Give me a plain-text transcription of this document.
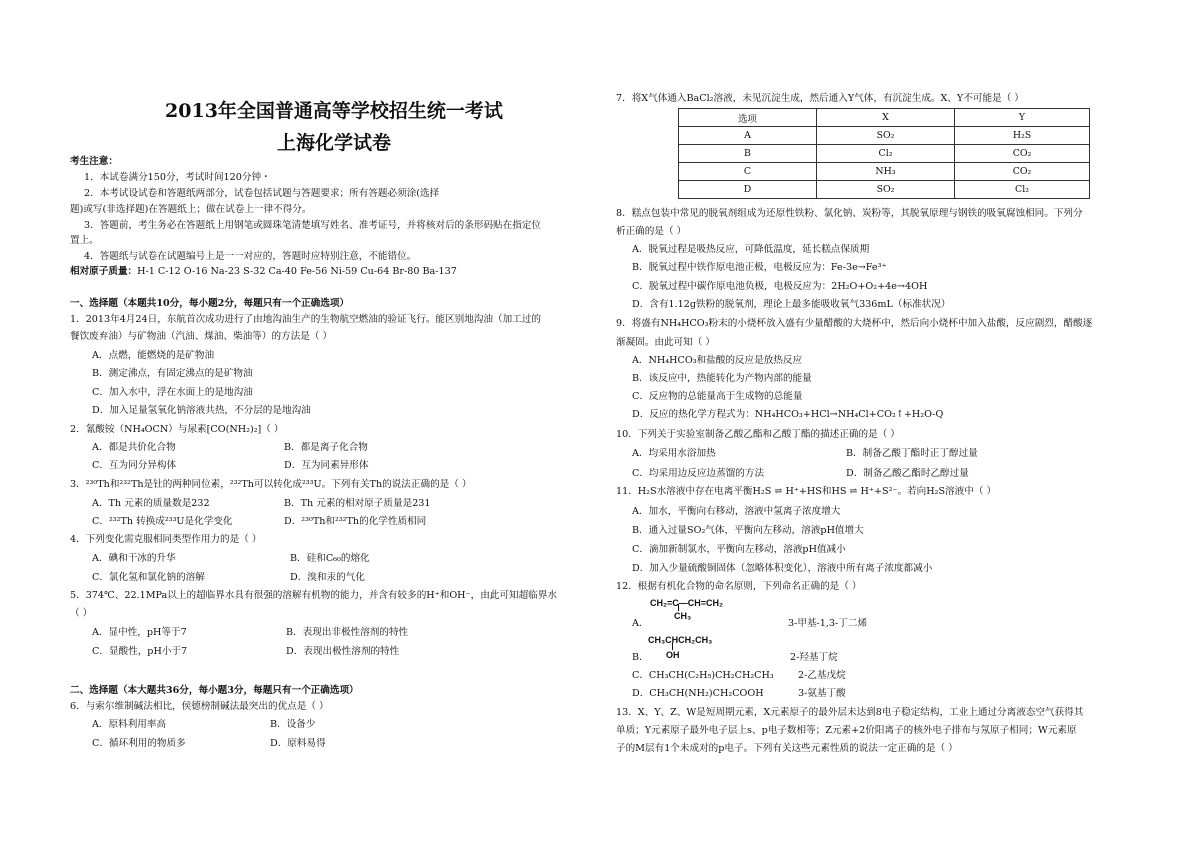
2013年全国普通高等学校招生统一考试
上海化学试卷
考生注意：
1．本试卷满分150分，考试时间120分钟・
2．本考试设试卷和答题纸两部分，试卷包括试题与答题要求；所有答题必须涂(选择
题)或写(非选择题)在答题纸上；做在试卷上一律不得分。
3．答题前，考生务必在答题纸上用钢笔或圆珠笔清楚填写姓名、准考证号，并将核对后的条形码贴在指定位
置上。
4．答题纸与试卷在试题编号上是一一对应的，答题时应特别注意，不能错位。
相对原子质量：H-1 C-12 O-16 Na-23 S-32 Ca-40 Fe-56 Ni-59 Cu-64 Br-80 Ba-137
一、选择题（本题共10分，每小题2分，每题只有一个正确选项）
1．2013年4月24日，东航首次成功进行了由地沟油生产的生物航空燃油的验证飞行。能区别地沟油（加工过的
餐饮废弃油）与矿物油（汽油、煤油、柴油等）的方法是（ ）
A．点燃，能燃烧的是矿物油
B．测定沸点，有固定沸点的是矿物油
C．加入水中，浮在水面上的是地沟油
D．加入足量氢氧化钠溶液共热，不分层的是地沟油
2．氰酸铵（NH₄OCN）与尿素[CO(NH₂)₂]（ ）
A．都是共价化合物	B．都是离子化合物
C．互为同分异构体	D．互为同素异形体
3．²³⁰Th和²³²Th是钍的两种同位素，²³²Th可以转化成²³³U。下列有关Th的说法正确的是（ ）
A．Th 元素的质量数是232	B．Th 元素的相对原子质量是231
C．²³²Th 转换成²³³U是化学变化	D．²³⁰Th和²³²Th的化学性质相同
4．下列变化需克服相同类型作用力的是（ ）
A．碘和干冰的升华	B．硅和C₆₀的熔化
C．氯化氢和氯化钠的溶解	D．溴和汞的气化
5．374℃、22.1MPa以上的超临界水具有很强的溶解有机物的能力，并含有较多的H⁺和OH⁻，由此可知超临界水
（ ）
A．显中性，pH等于7	B．表现出非极性溶剂的特性
C．显酸性，pH小于7	D．表现出极性溶剂的特性
二、选择题（本大题共36分，每小题3分，每题只有一个正确选项）
6．与索尔维制碱法相比，侯德榜制碱法最突出的优点是（ ）
A．原料利用率高	B．设备少
C．循环利用的物质多	D．原料易得
7．将X气体通入BaCl₂溶液，未见沉淀生成，然后通入Y气体，有沉淀生成。X、Y不可能是（ ）
选项	X	Y
A	SO₂	H₂S
B	Cl₂	CO₂
C	NH₃	CO₂
D	SO₂	Cl₂
8．糕点包装中常见的脱氧剂组成为还原性铁粉、氯化钠、炭粉等，其脱氧原理与钢铁的吸氧腐蚀相同。下列分
析正确的是（ ）
A．脱氧过程是吸热反应，可降低温度，延长糕点保质期
B．脱氧过程中铁作原电池正极，电极反应为：Fe-3e→Fe³⁺
C．脱氧过程中碳作原电池负极，电极反应为：2H₂O+O₂+4e→4OH
D．含有1.12g铁粉的脱氧剂，理论上最多能吸收氧气336mL（标准状况）
9．将盛有NH₄HCO₃粉末的小烧杯放入盛有少量醋酸的大烧杯中，然后向小烧杯中加入盐酸，反应剧烈，醋酸逐
渐凝固。由此可知（ ）
A．NH₄HCO₃和盐酸的反应是放热反应
B．该反应中，热能转化为产物内部的能量
C．反应物的总能量高于生成物的总能量
D．反应的热化学方程式为：NH₄HCO₃+HCl→NH₄Cl+CO₂↑+H₂O-Q
10．下列关于实验室制备乙酸乙酯和乙酸丁酯的描述正确的是（ ）
A．均采用水浴加热	B．制备乙酸丁酯时正丁醇过量
C．均采用边反应边蒸馏的方法	D．制备乙酸乙酯时乙醇过量
11．H₂S水溶液中存在电离平衡H₂S ⇌ H⁺+HS和HS ⇌ H⁺+S²⁻。若向H₂S溶液中（ ）
A．加水，平衡向右移动，溶液中氢离子浓度增大
B．通入过量SO₂气体，平衡向左移动，溶液pH值增大
C．滴加新制氯水，平衡向左移动，溶液pH值减小
D．加入少量硫酸铜固体（忽略体积变化），溶液中所有离子浓度都减小
12．根据有机化合物的命名原则，下列命名正确的是（ ）
CH₂=C—CH=CH₂
CH₃
A．	3-甲基-1,3-丁二烯
CH₃CHCH₂CH₃
OH
B．	2-羟基丁烷
C．CH₃CH(C₂H₅)CH₂CH₂CH₃	2-乙基戊烷
D．CH₃CH(NH₂)CH₂COOH	3-氨基丁酸
13．X、Y、Z、W是短周期元素，X元素原子的最外层未达到8电子稳定结构，工业上通过分离液态空气获得其
单质；Y元素原子最外电子层上s、p电子数相等；Z元素+2价阳离子的核外电子排布与氖原子相同；W元素原
子的M层有1个未成对的p电子。下列有关这些元素性质的说法一定正确的是（ ）
